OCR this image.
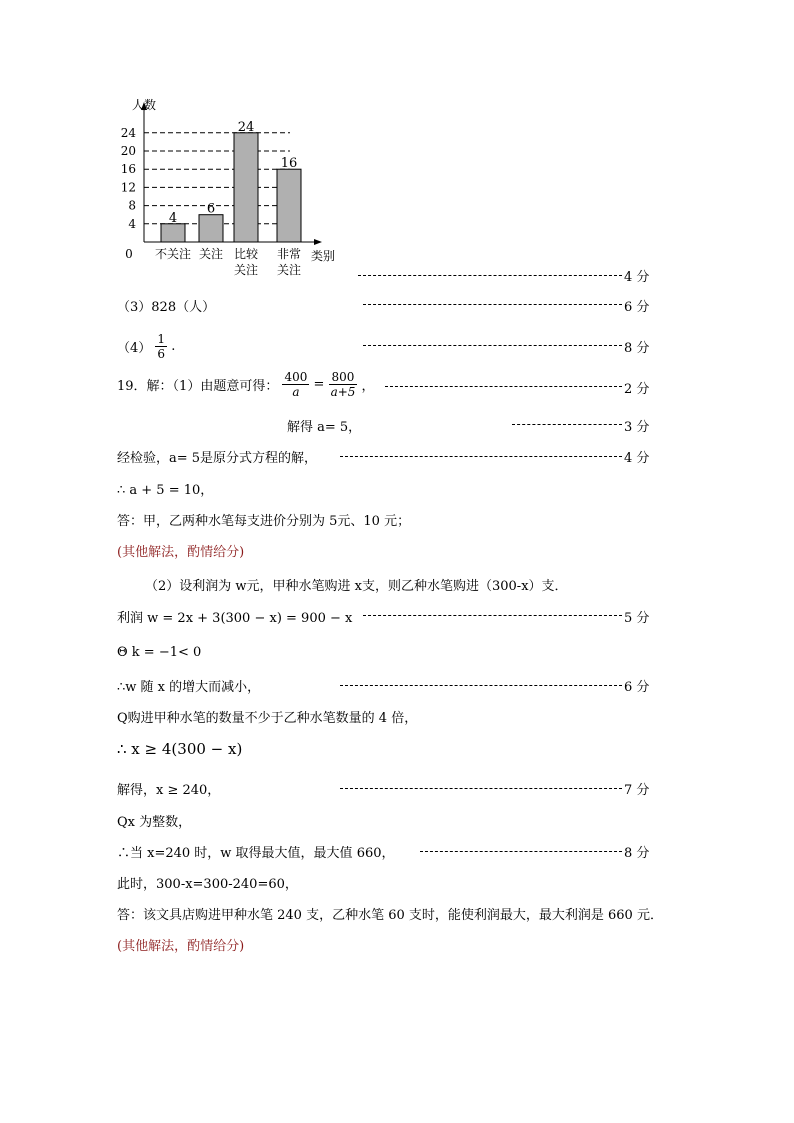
4
8
12
16
20
24
0
人数
类别
4
不关注
6
关注
24
比较
关注
16
非常
关注	4 分
（3）828（人）	6 分
$(4) \frac{1}{6}$ .	8 分
19．解：（1）由题意可得： $\frac{400}{a} = \frac{800}{a+5}$ ，	2 分
解得 a= 5，	3 分
经检验，a= 5是原分式方程的解，	4 分
∴ a + 5 = 10，
答：甲，乙两种水笔每支进价分别为 5元、10 元；
(其他解法，酌情给分)
（2）设利润为 w元，甲种水笔购进 x支，则乙种水笔购进（300-x）支．
利润 w = 2x + 3(300 − x) = 900 − x	5 分
Θ k = −1< 0
∴w 随 x 的增大而减小，	6 分
Q购进甲种水笔的数量不少于乙种水笔数量的 4 倍，
∴ x ≥ 4(300 − x)
解得，x ≥ 240，	7 分
Qx 为整数，
∴当 x=240 时，w 取得最大值，最大值 660，	8 分
此时，300-x=300-240=60，
答：该文具店购进甲种水笔 240 支，乙种水笔 60 支时，能使利润最大，最大利润是 660 元．
(其他解法，酌情给分)
